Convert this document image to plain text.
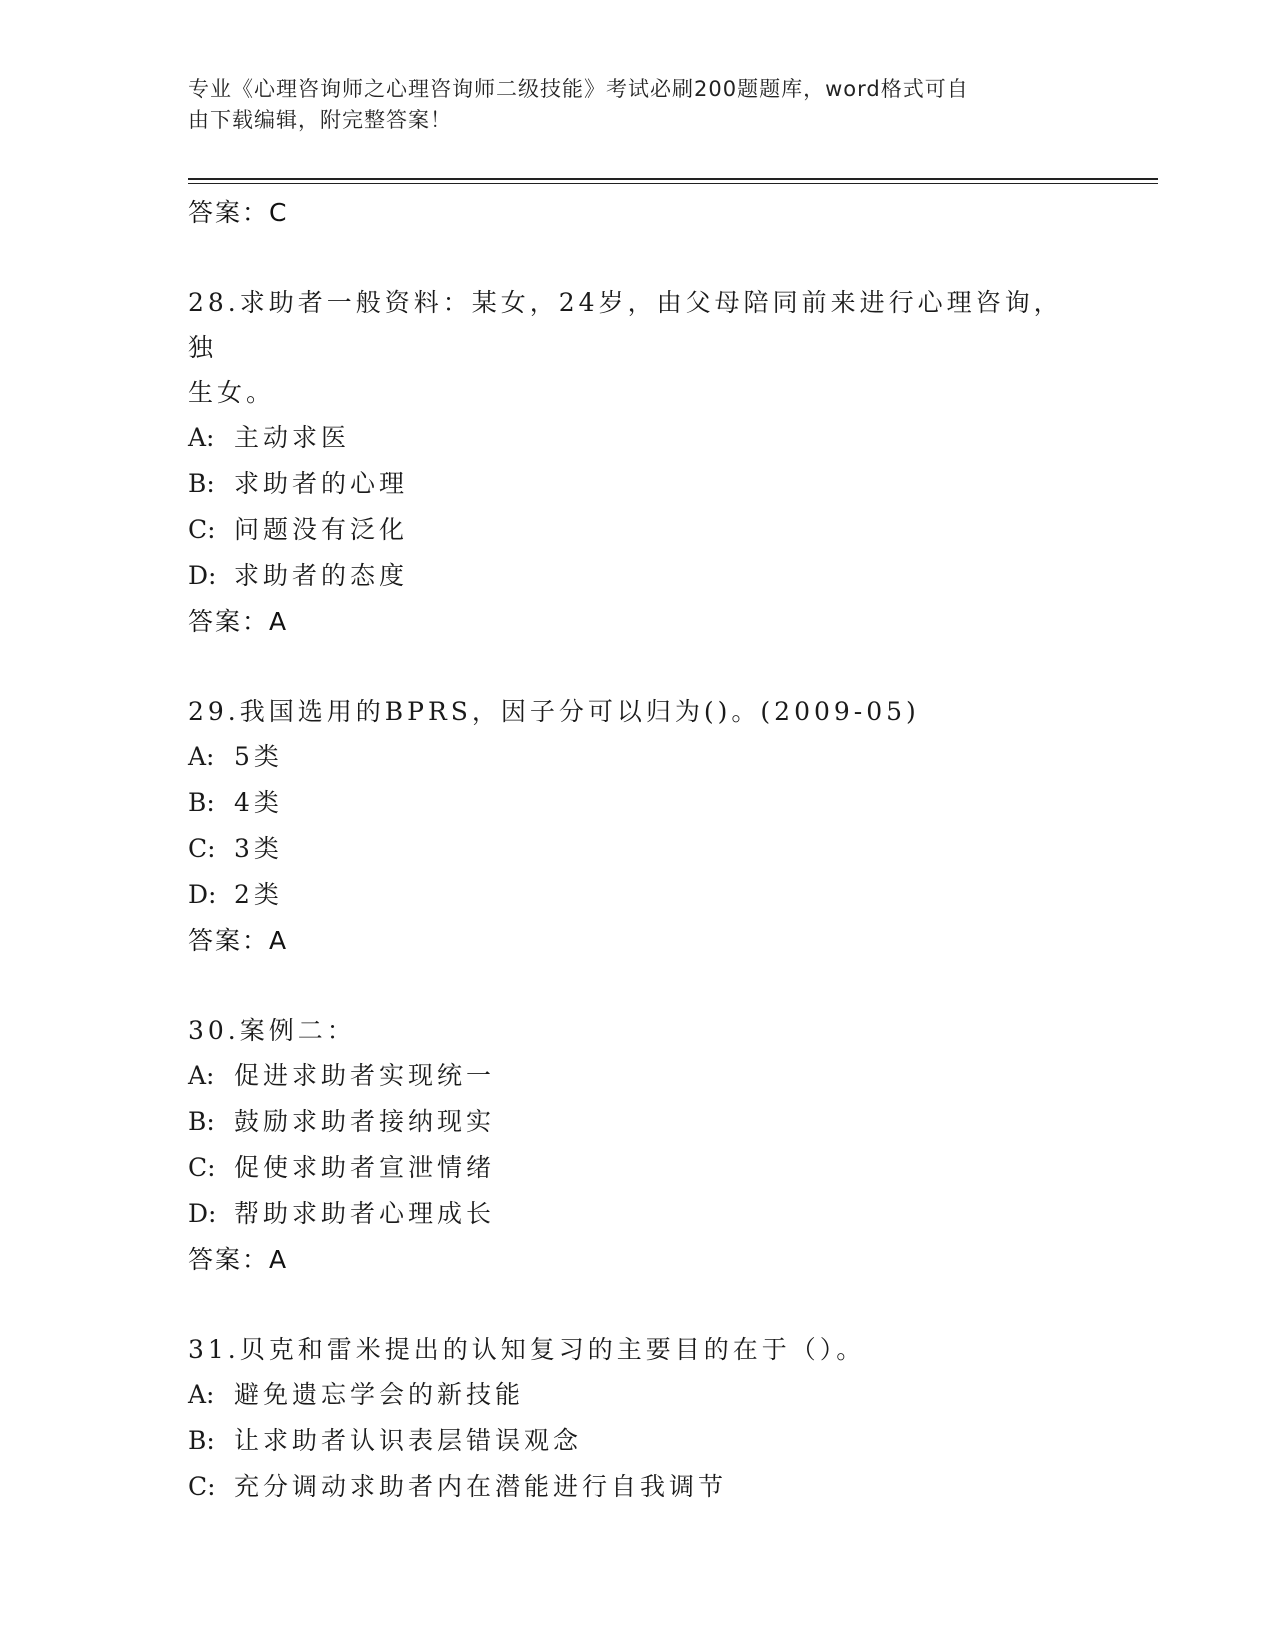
专业《心理咨询师之心理咨询师二级技能》考试必刷200题题库，word格式可自
由下载编辑，附完整答案！
答案：C
28.求助者一般资料：某女，24岁，由父母陪同前来进行心理咨询，独
生女。
A: 主动求医
B: 求助者的心理
C: 问题没有泛化
D: 求助者的态度
答案：A
29.我国选用的BPRS，因子分可以归为()。(2009-05)
A: 5类
B: 4类
C: 3类
D: 2类
答案：A
30.案例二：
A: 促进求助者实现统一
B: 鼓励求助者接纳现实
C: 促使求助者宣泄情绪
D: 帮助求助者心理成长
答案：A
31.贝克和雷米提出的认知复习的主要目的在于（）。
A: 避免遗忘学会的新技能
B: 让求助者认识表层错误观念
C: 充分调动求助者内在潜能进行自我调节
